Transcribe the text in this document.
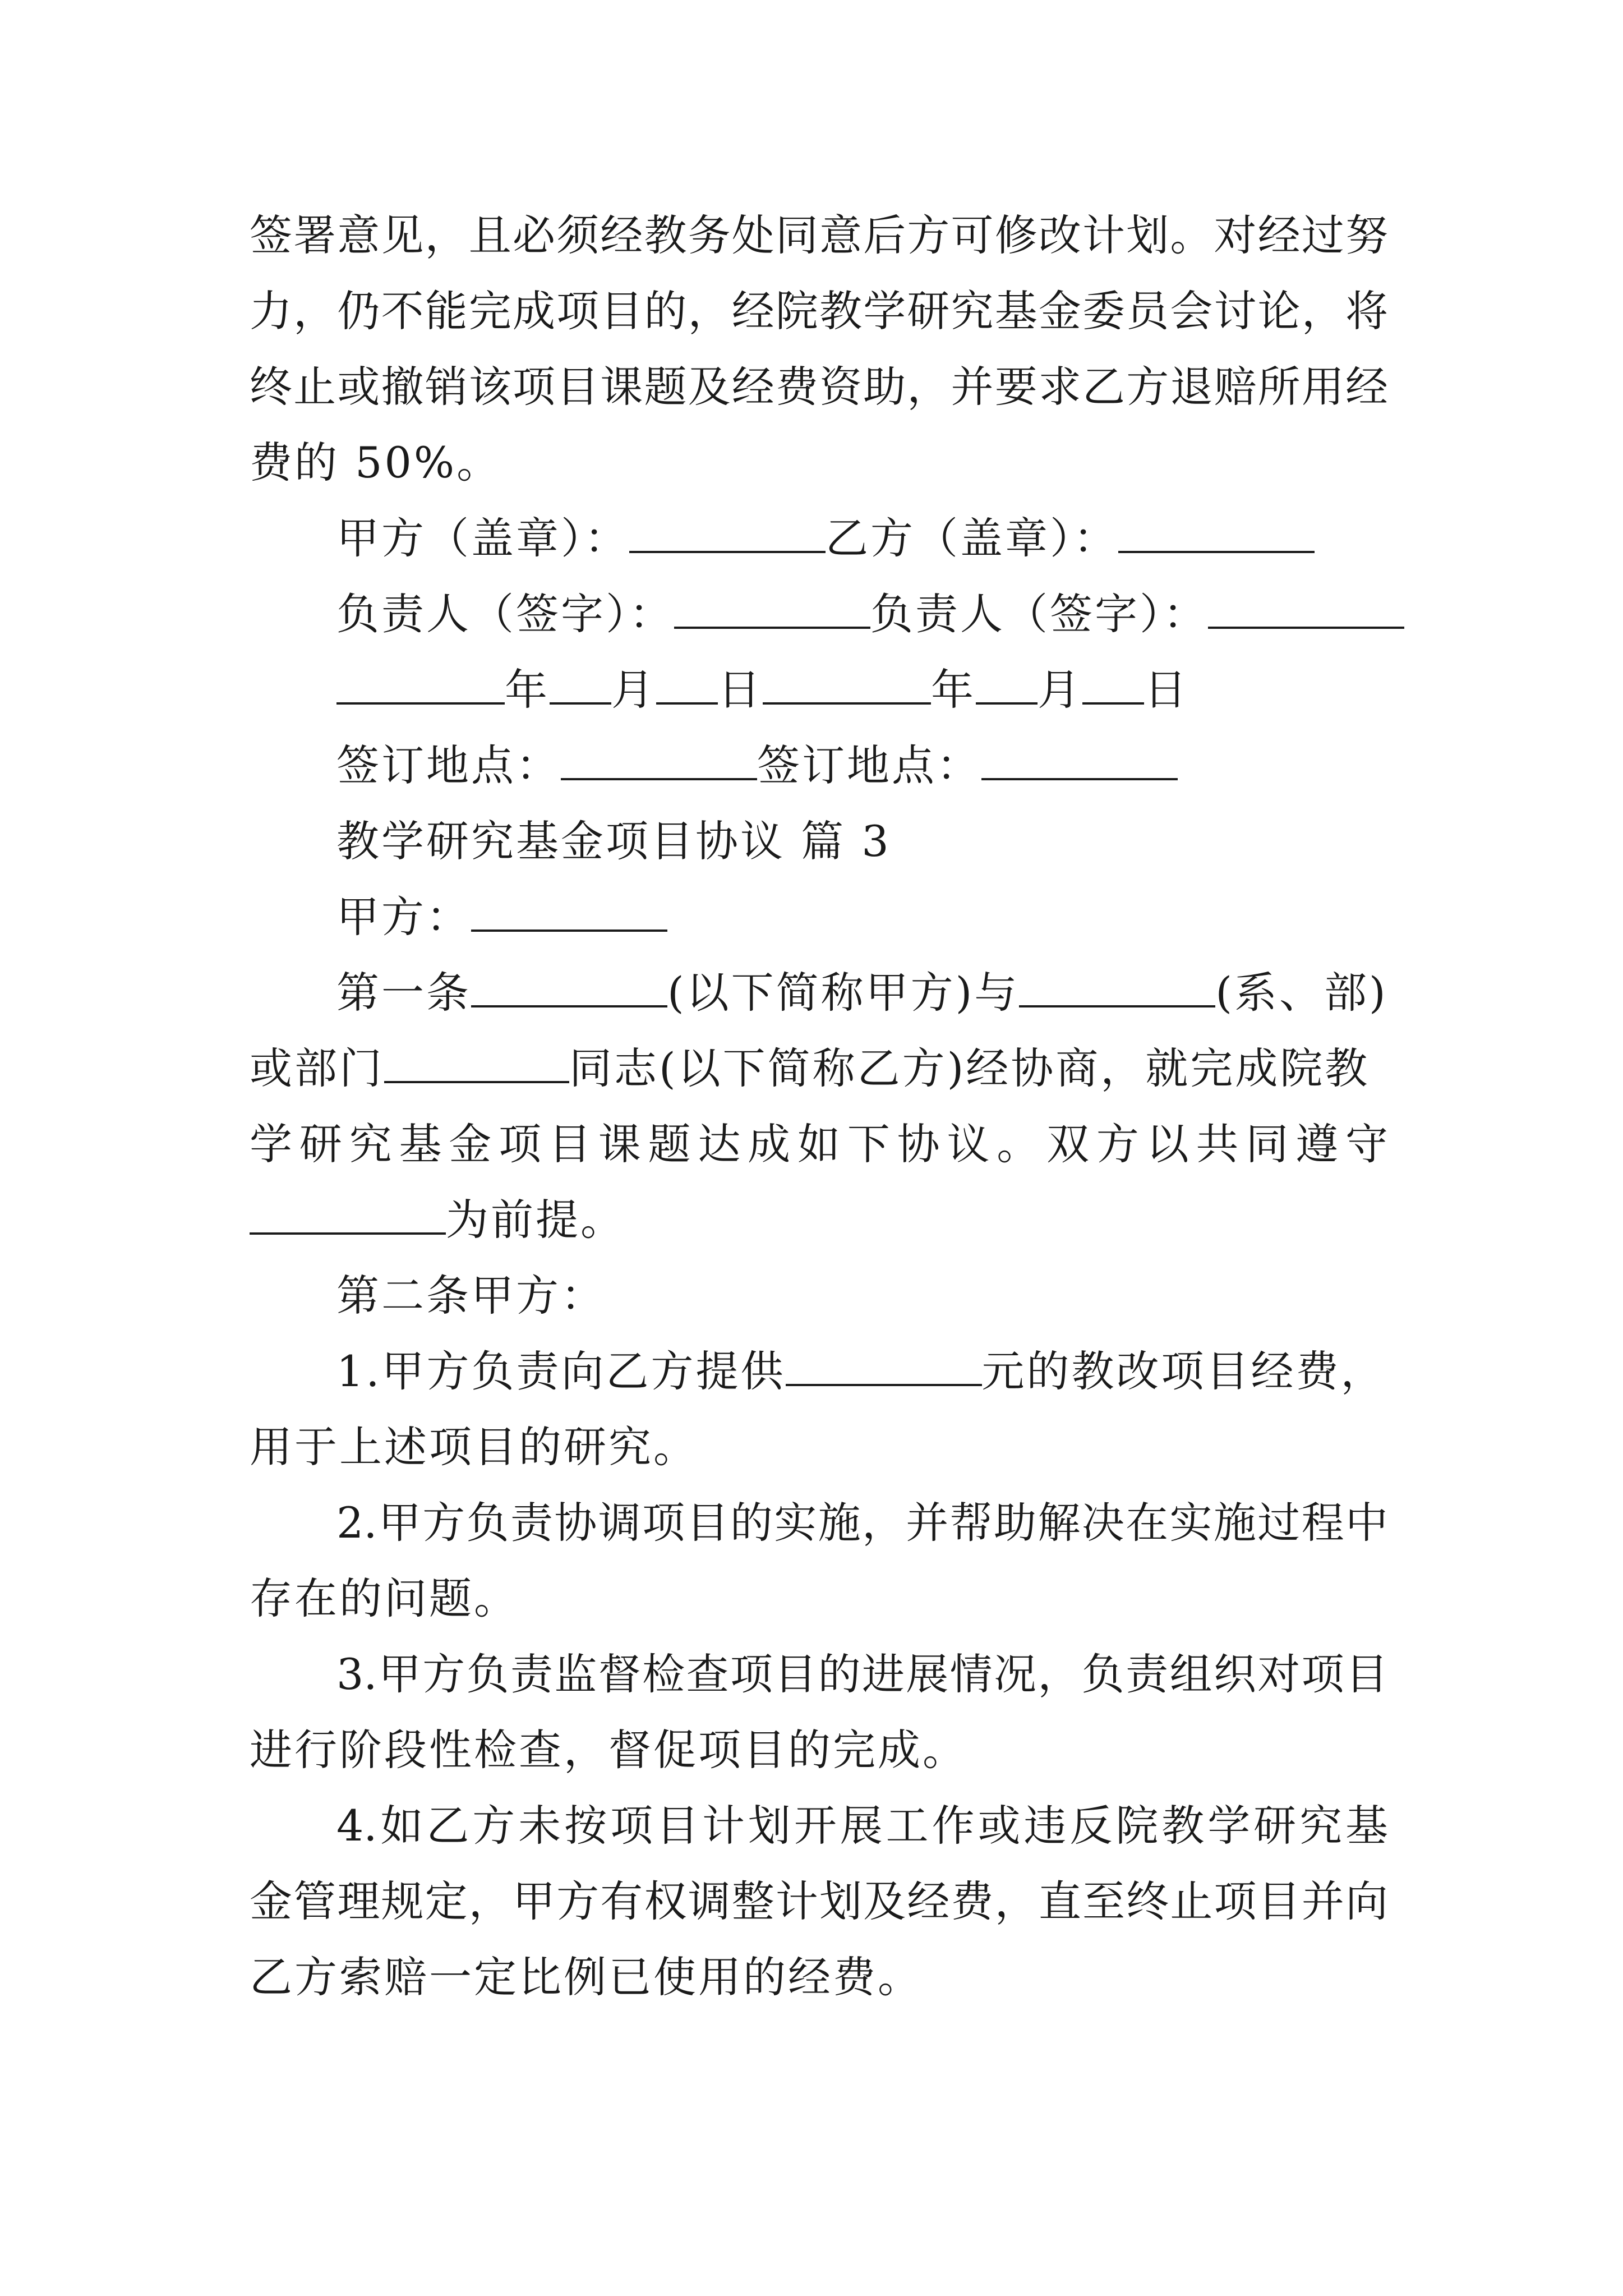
签署意见，且必须经教务处同意后方可修改计划。对经过努
力，仍不能完成项目的，经院教学研究基金委员会讨论，将
终止或撤销该项目课题及经费资助，并要求乙方退赔所用经
费的 50%。
甲方（盖章）：	乙方（盖章）：
负责人（签字）：	负责人（签字）：
年 月 日	年 月 日
签订地点：	签订地点：
教学研究基金项目协议 篇 3
甲方：
第一条	(以下简称甲方)与	(系、部)
或部门	同志(以下简称乙方)经协商，就完成院教
学研究基金项目课题达成如下协议。双方以共同遵守
为前提。
第二条甲方：
1.甲方负责向乙方提供	元的教改项目经费，
用于上述项目的研究。
2.甲方负责协调项目的实施，并帮助解决在实施过程中
存在的问题。
3.甲方负责监督检查项目的进展情况，负责组织对项目
进行阶段性检查，督促项目的完成。
4.如乙方未按项目计划开展工作或违反院教学研究基
金管理规定，甲方有权调整计划及经费，直至终止项目并向
乙方索赔一定比例已使用的经费。
